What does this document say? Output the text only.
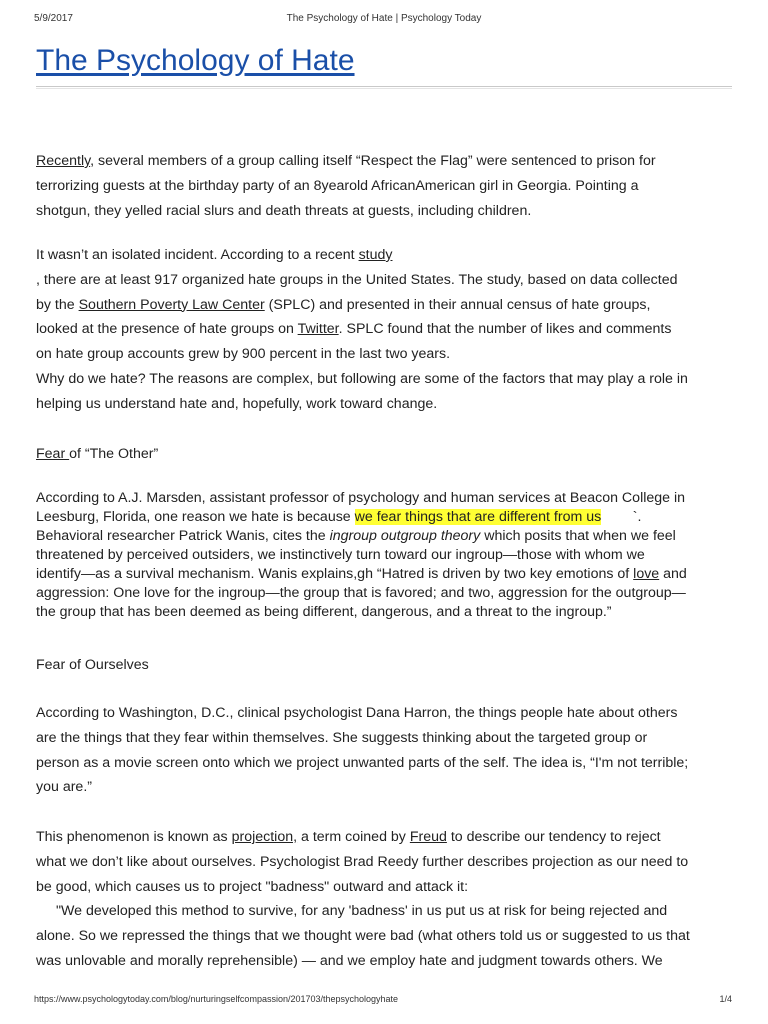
5/9/2017	The Psychology of Hate | Psychology Today
The Psychology of Hate
Recently, several members of a group calling itself “Respect the Flag” were sentenced to prison for
terrorizing guests at the birthday party of an 8yearold AfricanAmerican girl in Georgia. Pointing a
shotgun, they yelled racial slurs and death threats at guests, including children.
It wasn’t an isolated incident. According to a recent study
, there are at least 917 organized hate groups in the United States. The study, based on data collected
by the Southern Poverty Law Center (SPLC) and presented in their annual census of hate groups,
looked at the presence of hate groups on Twitter. SPLC found that the number of likes and comments
on hate group accounts grew by 900 percent in the last two years.
Why do we hate? The reasons are complex, but following are some of the factors that may play a role in
helping us understand hate and, hopefully, work toward change.
Fear of “The Other”
According to A.J. Marsden, assistant professor of psychology and human services at Beacon College in
Leesburg, Florida, one reason we hate is because we fear things that are different from us        `.
Behavioral researcher Patrick Wanis, cites the ingroup outgroup theory which posits that when we feel
threatened by perceived outsiders, we instinctively turn toward our ingroup—those with whom we
identify—as a survival mechanism. Wanis explains,gh “Hatred is driven by two key emotions of love and
aggression: One love for the ingroup—the group that is favored; and two, aggression for the outgroup—
the group that has been deemed as being different, dangerous, and a threat to the ingroup.”
Fear of Ourselves
According to Washington, D.C., clinical psychologist Dana Harron, the things people hate about others
are the things that they fear within themselves. She suggests thinking about the targeted group or
person as a movie screen onto which we project unwanted parts of the self. The idea is, “I'm not terrible;
you are.”
This phenomenon is known as projection, a term coined by Freud to describe our tendency to reject
what we don’t like about ourselves. Psychologist Brad Reedy further describes projection as our need to
be good, which causes us to project "badness" outward and attack it:
"We developed this method to survive, for any 'badness' in us put us at risk for being rejected and
alone. So we repressed the things that we thought were bad (what others told us or suggested to us that
was unlovable and morally reprehensible) — and we employ hate and judgment towards others. We
https://www.psychologytoday.com/blog/nurturingselfcompassion/201703/thepsychologyhate	1/4
